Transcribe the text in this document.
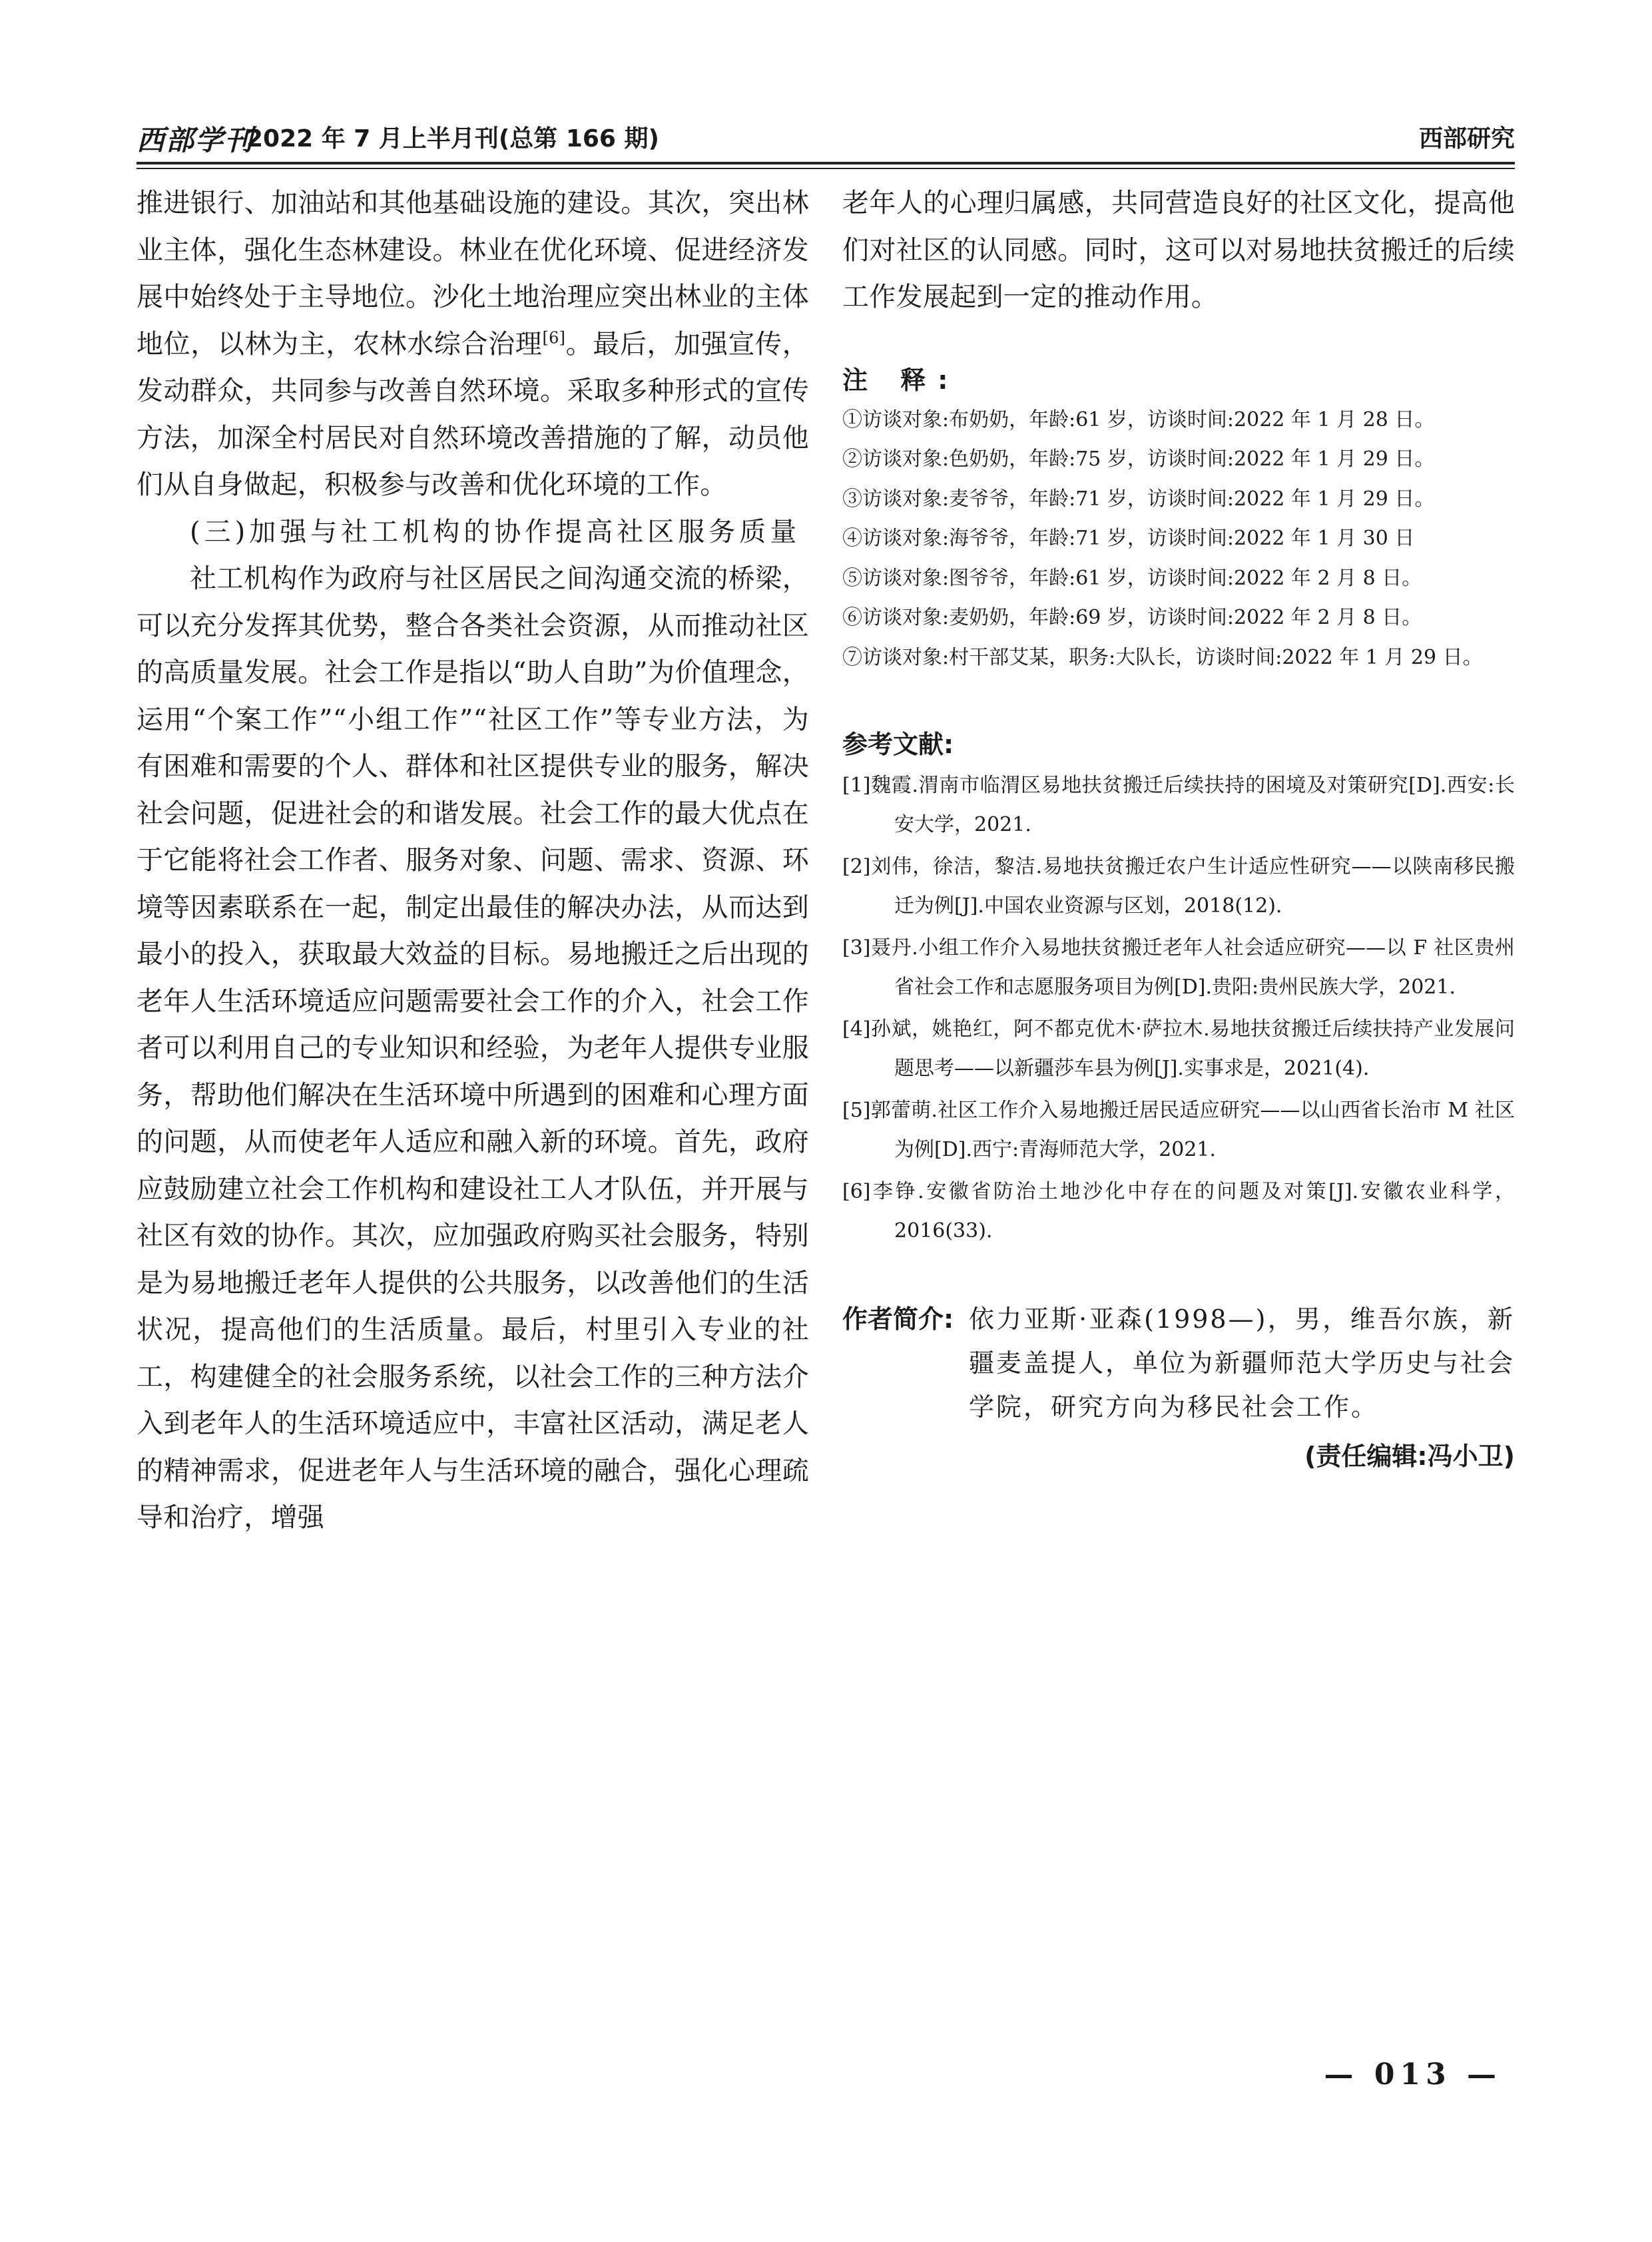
西部学刊
2022 年 7 月上半月刊(总第 166 期)	西部研究

推进银行、加油站和其他基础设施的建设。其次，突出林业主体，强化生态林建设。林业在优化环境、促进经济发展中始终处于主导地位。沙化土地治理应突出林业的主体地位，以林为主，农林水综合治理[6]。最后，加强宣传，发动群众，共同参与改善自然环境。采取多种形式的宣传方法，加深全村居民对自然环境改善措施的了解，动员他们从自身做起，积极参与改善和优化环境的工作。

(三)加强与社工机构的协作提高社区服务质量

社工机构作为政府与社区居民之间沟通交流的桥梁，可以充分发挥其优势，整合各类社会资源，从而推动社区的高质量发展。社会工作是指以“助人自助”为价值理念，运用“个案工作”“小组工作”“社区工作”等专业方法，为有困难和需要的个人、群体和社区提供专业的服务，解决社会问题，促进社会的和谐发展。社会工作的最大优点在于它能将社会工作者、服务对象、问题、需求、资源、环境等因素联系在一起，制定出最佳的解决办法，从而达到最小的投入，获取最大效益的目标。易地搬迁之后出现的老年人生活环境适应问题需要社会工作的介入，社会工作者可以利用自己的专业知识和经验，为老年人提供专业服务，帮助他们解决在生活环境中所遇到的困难和心理方面的问题，从而使老年人适应和融入新的环境。首先，政府应鼓励建立社会工作机构和建设社工人才队伍，并开展与社区有效的协作。其次，应加强政府购买社会服务，特别是为易地搬迁老年人提供的公共服务，以改善他们的生活状况，提高他们的生活质量。最后，村里引入专业的社工，构建健全的社会服务系统，以社会工作的三种方法介入到老年人的生活环境适应中，丰富社区活动，满足老人的精神需求，促进老年人与生活环境的融合，强化心理疏导和治疗，增强

老年人的心理归属感，共同营造良好的社区文化，提高他们对社区的认同感。同时，这可以对易地扶贫搬迁的后续工作发展起到一定的推动作用。

注 释:

①访谈对象:布奶奶，年龄:61 岁，访谈时间:2022 年 1 月 28 日。

②访谈对象:色奶奶，年龄:75 岁，访谈时间:2022 年 1 月 29 日。

③访谈对象:麦爷爷，年龄:71 岁，访谈时间:2022 年 1 月 29 日。

④访谈对象:海爷爷，年龄:71 岁，访谈时间:2022 年 1 月 30 日

⑤访谈对象:图爷爷，年龄:61 岁，访谈时间:2022 年 2 月 8 日。

⑥访谈对象:麦奶奶，年龄:69 岁，访谈时间:2022 年 2 月 8 日。

⑦访谈对象:村干部艾某，职务:大队长，访谈时间:2022 年 1 月 29 日。

参考文献:

[1]魏霞.渭南市临渭区易地扶贫搬迁后续扶持的困境及对策研究[D].西安:长安大学，2021.

[2]刘伟，徐洁，黎洁.易地扶贫搬迁农户生计适应性研究——以陕南移民搬迁为例[J].中国农业资源与区划，2018(12).

[3]聂丹.小组工作介入易地扶贫搬迁老年人社会适应研究——以 F 社区贵州省社会工作和志愿服务项目为例[D].贵阳:贵州民族大学，2021.

[4]孙斌，姚艳红，阿不都克优木·萨拉木.易地扶贫搬迁后续扶持产业发展问题思考——以新疆莎车县为例[J].实事求是，2021(4).

[5]郭蕾萌.社区工作介入易地搬迁居民适应研究——以山西省长治市 M 社区为例[D].西宁:青海师范大学，2021.

[6]李铮.安徽省防治土地沙化中存在的问题及对策[J].安徽农业科学，2016(33).

作者简介: 依力亚斯·亚森(1998—)，男，维吾尔族，新疆麦盖提人，单位为新疆师范大学历史与社会学院，研究方向为移民社会工作。
(责任编辑:冯小卫)
— 013 —
